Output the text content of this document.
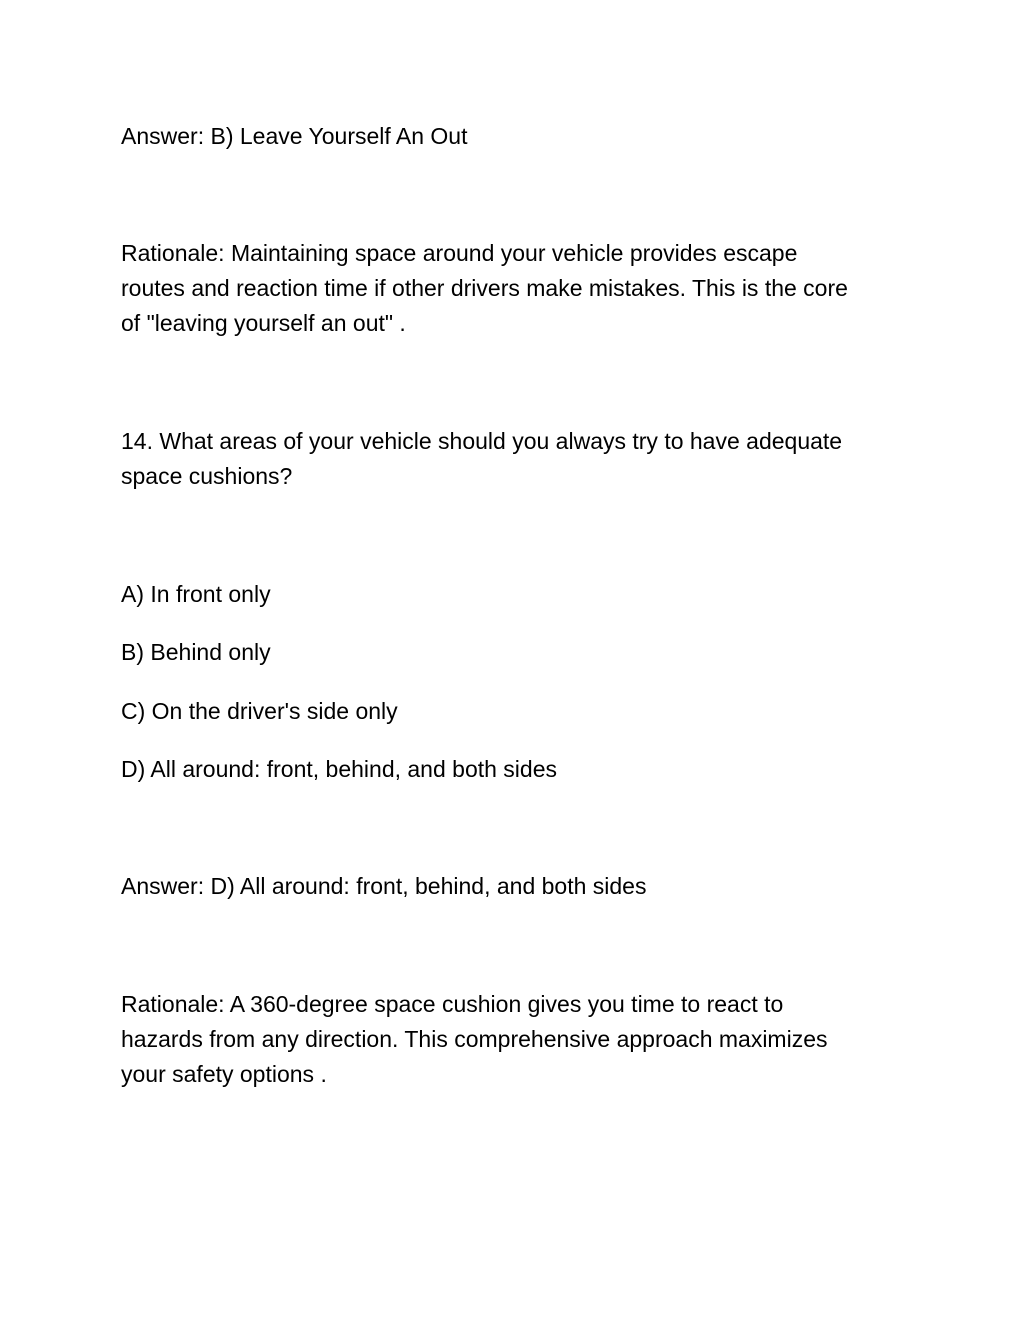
Answer: B) Leave Yourself An Out

Rationale: Maintaining space around your vehicle provides escape
routes and reaction time if other drivers make mistakes. This is the core
of "leaving yourself an out" .

14. What areas of your vehicle should you always try to have adequate
space cushions?

A) In front only

B) Behind only

C) On the driver's side only

D) All around: front, behind, and both sides

Answer: D) All around: front, behind, and both sides

Rationale: A 360-degree space cushion gives you time to react to
hazards from any direction. This comprehensive approach maximizes
your safety options .
